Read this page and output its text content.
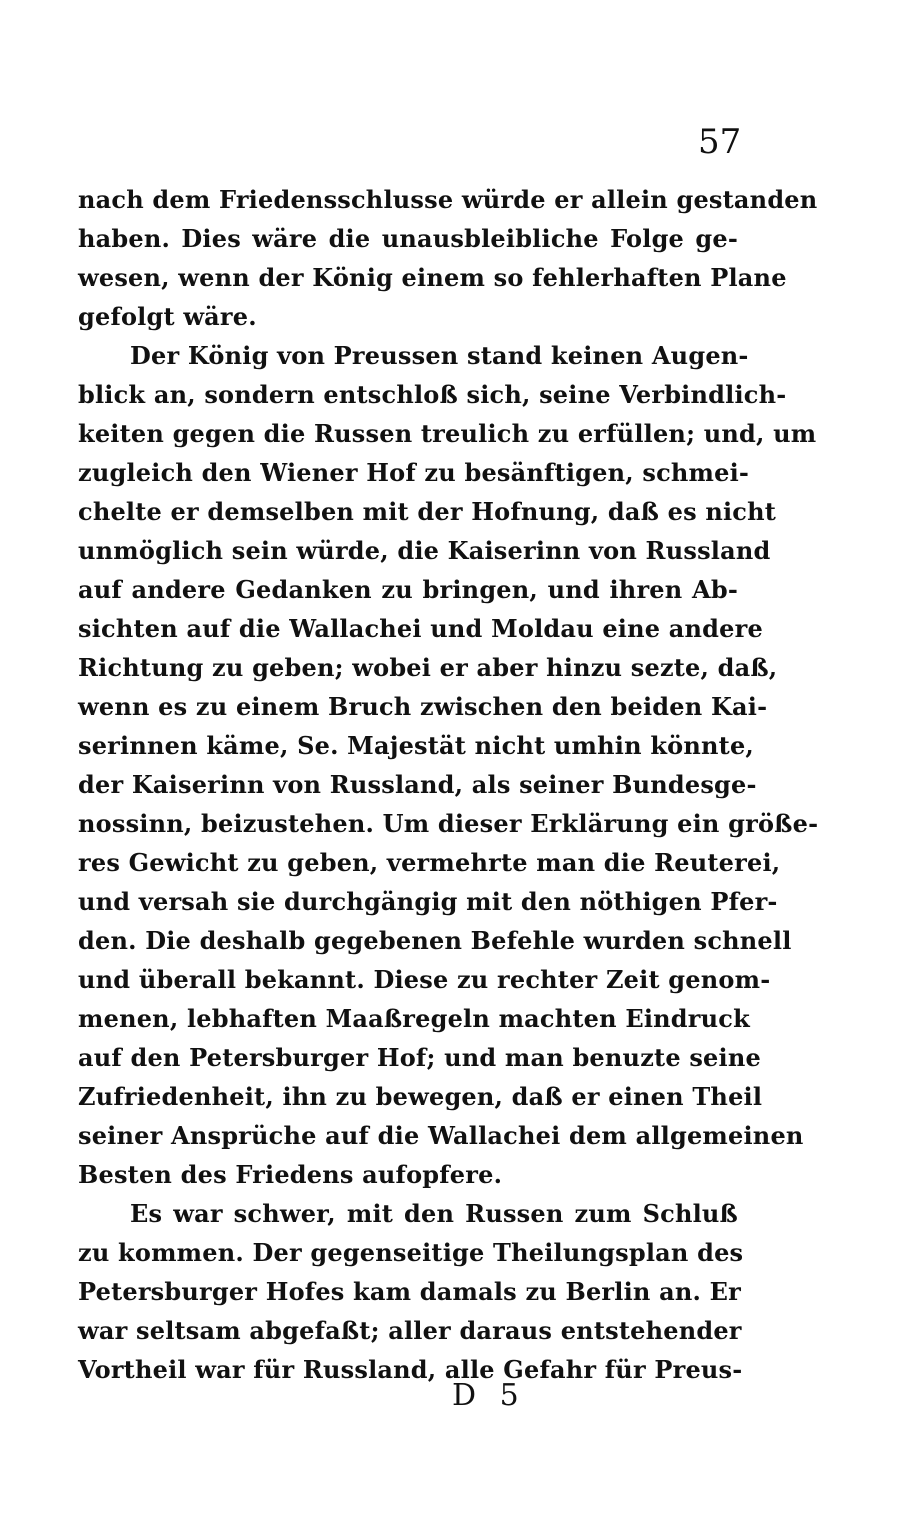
57
nach dem Friedensschlusse würde er allein gestanden
haben. Dies wäre die unausbleibliche Folge ge-
wesen, wenn der König einem so fehlerhaften Plane
gefolgt wäre.
Der König von Preussen stand keinen Augen-
blick an, sondern entschloß sich, seine Verbindlich-
keiten gegen die Russen treulich zu erfüllen; und, um
zugleich den Wiener Hof zu besänftigen, schmei-
chelte er demselben mit der Hofnung, daß es nicht
unmöglich sein würde, die Kaiserinn von Russland
auf andere Gedanken zu bringen, und ihren Ab-
sichten auf die Wallachei und Moldau eine andere
Richtung zu geben; wobei er aber hinzu sezte, daß,
wenn es zu einem Bruch zwischen den beiden Kai-
serinnen käme, Se. Majestät nicht umhin könnte,
der Kaiserinn von Russland, als seiner Bundesge-
nossinn, beizustehen. Um dieser Erklärung ein größe-
res Gewicht zu geben, vermehrte man die Reuterei,
und versah sie durchgängig mit den nöthigen Pfer-
den. Die deshalb gegebenen Befehle wurden schnell
und überall bekannt. Diese zu rechter Zeit genom-
menen, lebhaften Maaßregeln machten Eindruck
auf den Petersburger Hof; und man benuzte seine
Zufriedenheit, ihn zu bewegen, daß er einen Theil
seiner Ansprüche auf die Wallachei dem allgemeinen
Besten des Friedens aufopfere.
Es war schwer, mit den Russen zum Schluß
zu kommen. Der gegenseitige Theilungsplan des
Petersburger Hofes kam damals zu Berlin an. Er
war seltsam abgefaßt; aller daraus entstehender
Vortheil war für Russland, alle Gefahr für Preus-
D 5
